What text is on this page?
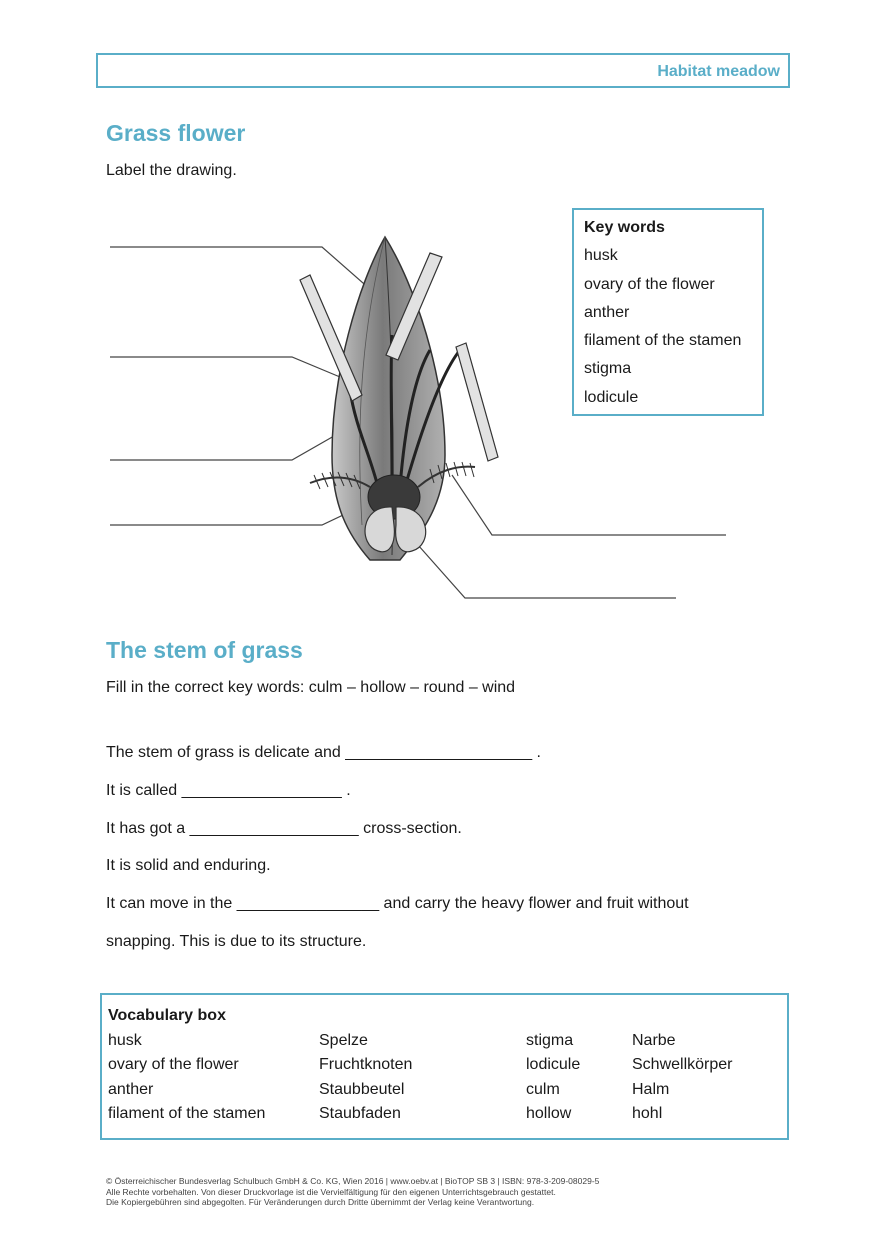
Habitat meadow
Grass flower
Label the drawing.
Key words
husk
ovary of the flower
anther
filament of the stamen
stigma
lodicule
The stem of grass
Fill in the correct key words: culm – hollow – round – wind
The stem of grass is delicate and _____________________ .
It is called __________________ .
It has got a ___________________ cross-section.
It is solid and enduring.
It can move in the ________________ and carry the heavy flower and fruit without
snapping. This is due to its structure.
Vocabulary box
husk	Spelze	stigma	Narbe
ovary of the flower	Fruchtknoten	lodicule	Schwellkörper
anther	Staubbeutel	culm	Halm
filament of the stamen	Staubfaden	hollow	hohl
© Österreichischer Bundesverlag Schulbuch GmbH & Co. KG, Wien 2016 | www.oebv.at | BioTOP SB 3 | ISBN: 978-3-209-08029-5
Alle Rechte vorbehalten. Von dieser Druckvorlage ist die Vervielfältigung für den eigenen Unterrichtsgebrauch gestattet.
Die Kopiergebühren sind abgegolten. Für Veränderungen durch Dritte übernimmt der Verlag keine Verantwortung.
